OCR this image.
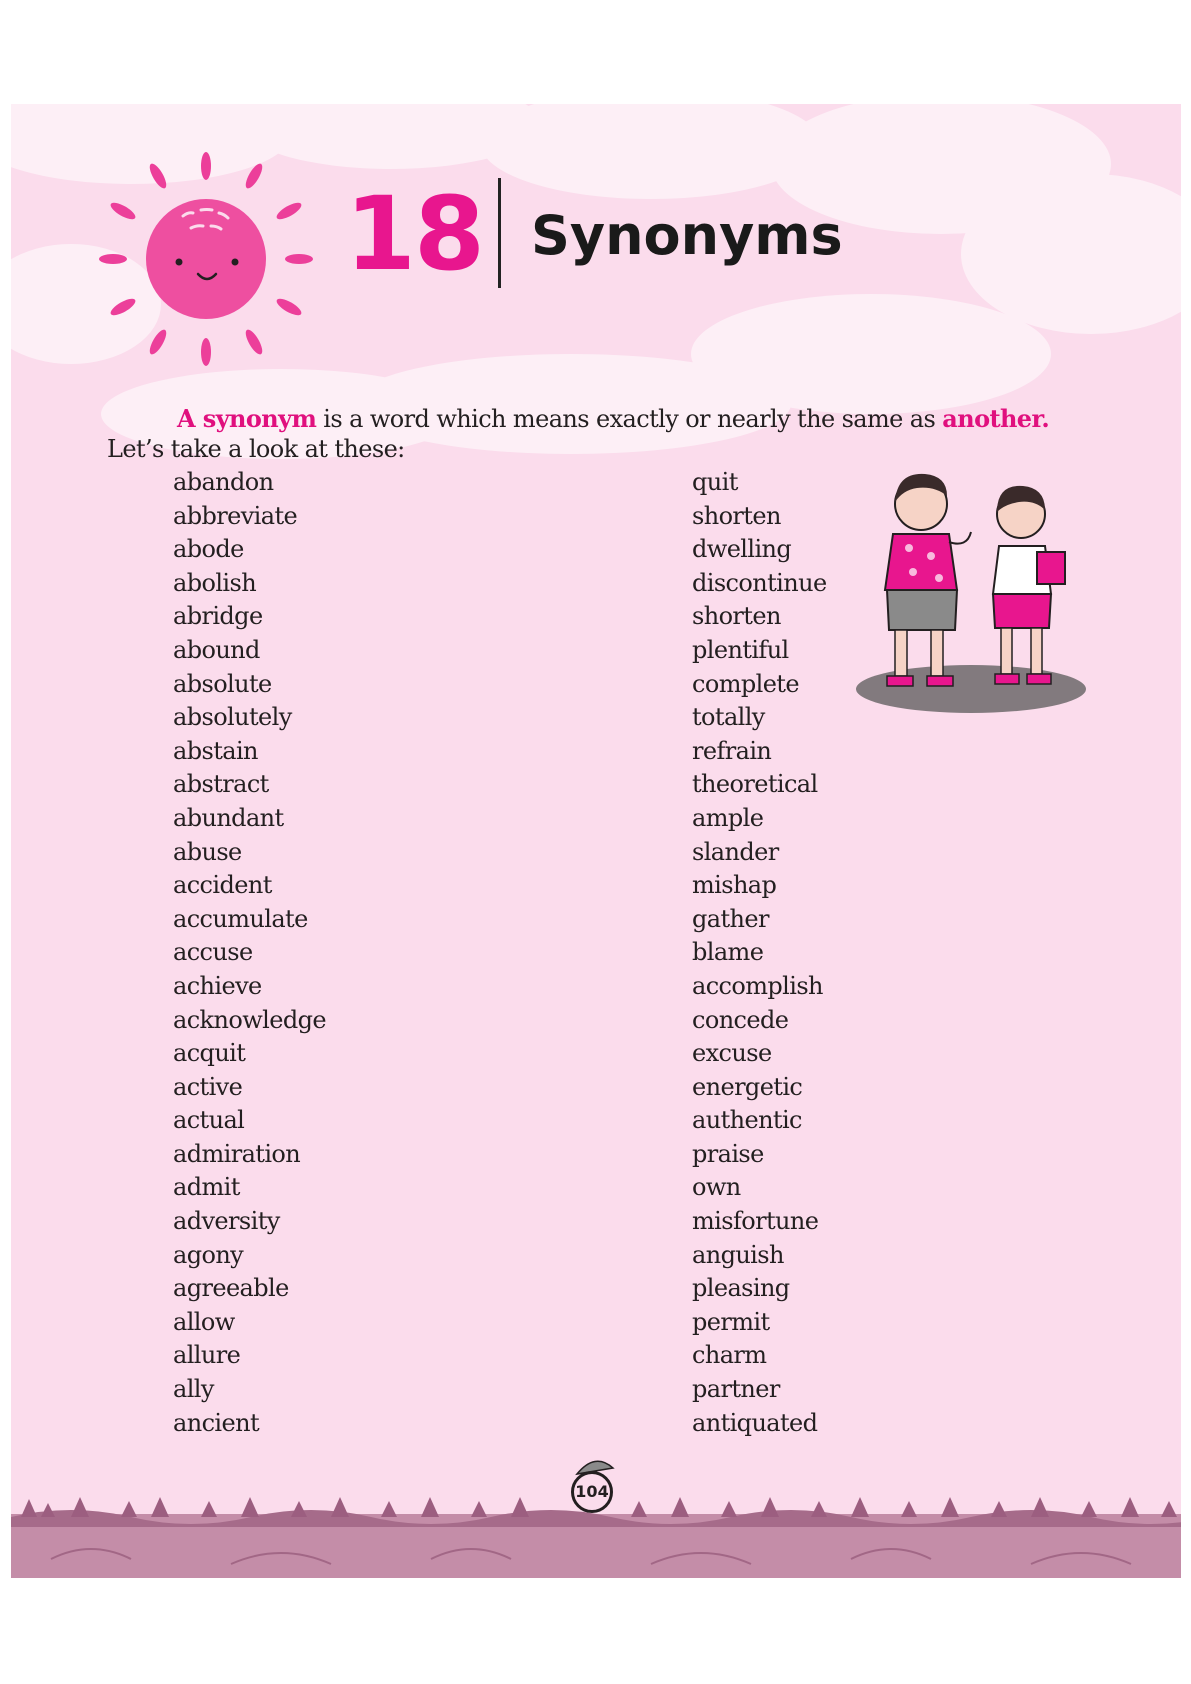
18 Synonyms
A synonym is a word which means exactly or nearly the same as another. Let’s take a look at these:
abandon
abbreviate
abode
abolish
abridge
abound
absolute
absolutely
abstain
abstract
abundant
abuse
accident
accumulate
accuse
achieve
acknowledge
acquit
active
actual
admiration
admit
adversity
agony
agreeable
allow
allure
ally
ancient
quit
shorten
dwelling
discontinue
shorten
plentiful
complete
totally
refrain
theoretical
ample
slander
mishap
gather
blame
accomplish
concede
excuse
energetic
authentic
praise
own
misfortune
anguish
pleasing
permit
charm
partner
antiquated
104
